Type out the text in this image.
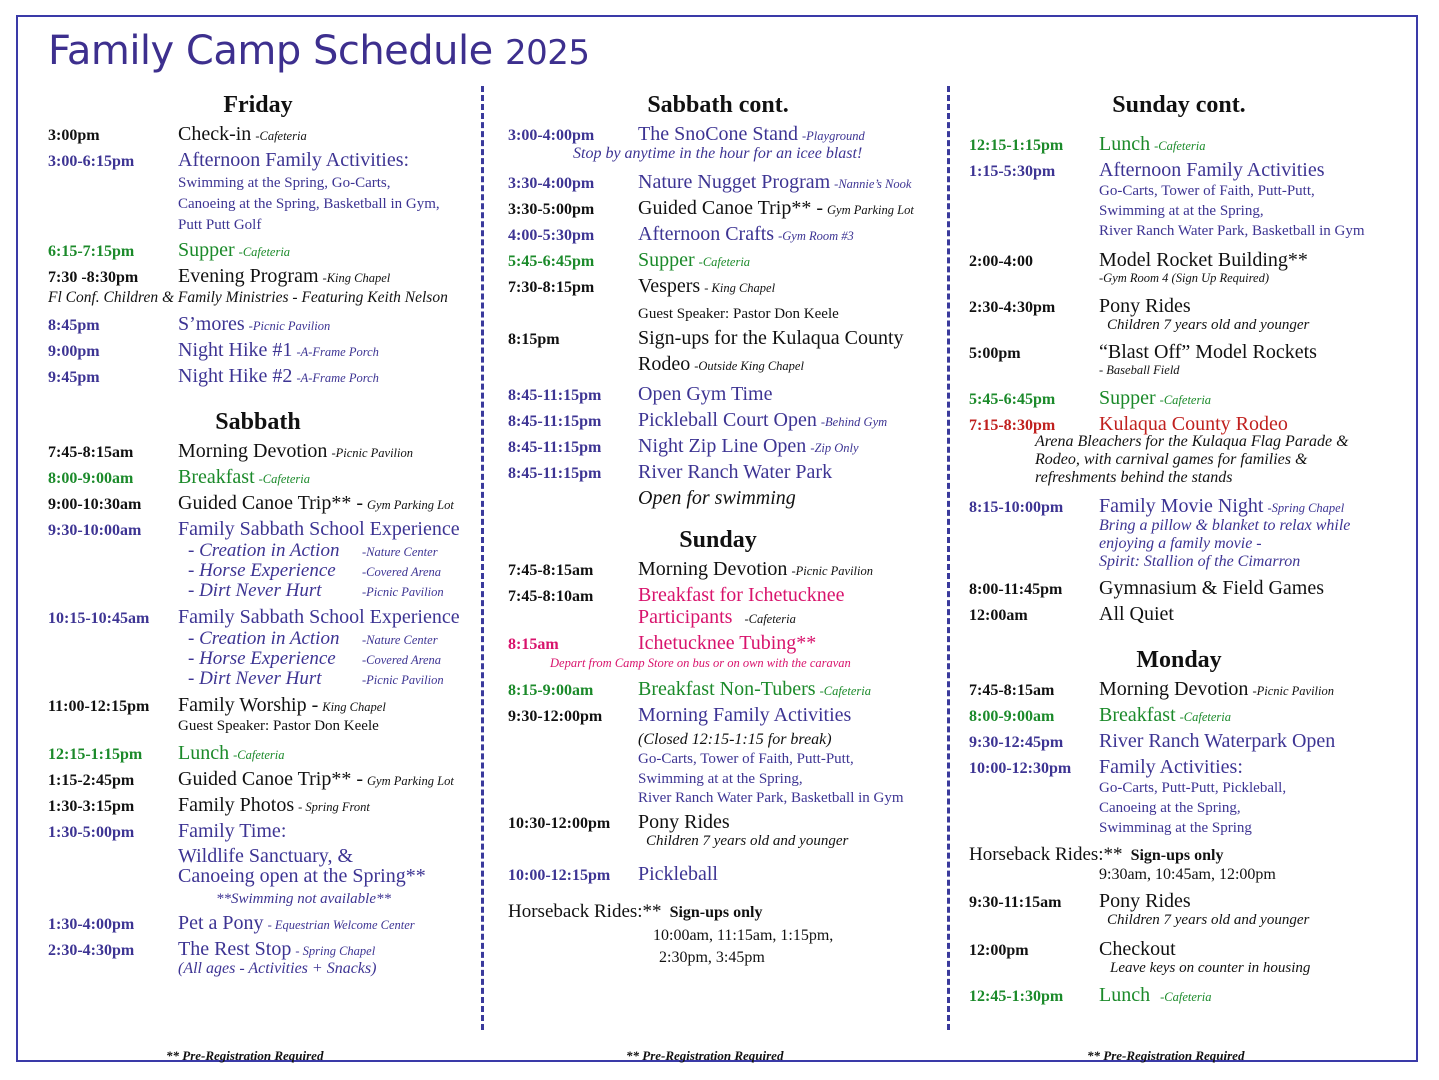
Family Camp Schedule 2025
Friday
3:00pm	Check-in -Cafeteria
3:00-6:15pm	Afternoon Family Activities:
Swimming at the Spring, Go-Carts,
Canoeing at the Spring, Basketball in Gym,
Putt Putt Golf
6:15-7:15pm	Supper -Cafeteria
7:30 -8:30pm	Evening Program -King Chapel
Fl Conf. Children & Family Ministries - Featuring Keith Nelson
8:45pm	S’mores -Picnic Pavilion
9:00pm	Night Hike #1 -A-Frame Porch
9:45pm	Night Hike #2 -A-Frame Porch
Sabbath
7:45-8:15am	Morning Devotion -Picnic Pavilion
8:00-9:00am	Breakfast -Cafeteria
9:00-10:30am	Guided Canoe Trip** - Gym Parking Lot
9:30-10:00am	Family Sabbath School Experience
- Creation in Action -Nature Center
- Horse Experience -Covered Arena
- Dirt Never Hurt	-Picnic Pavilion
10:15-10:45am	Family Sabbath School Experience
- Creation in Action -Nature Center
- Horse Experience -Covered Arena
- Dirt Never Hurt	-Picnic Pavilion
11:00-12:15pm	Family Worship - King Chapel
Guest Speaker: Pastor Don Keele
12:15-1:15pm	Lunch -Cafeteria
1:15-2:45pm	Guided Canoe Trip** - Gym Parking Lot
1:30-3:15pm	Family Photos - Spring Front
1:30-5:00pm	Family Time:
Wildlife Sanctuary, &
Canoeing open at the Spring**
**Swimming not available**
1:30-4:00pm	Pet a Pony - Equestrian Welcome Center
2:30-4:30pm	The Rest Stop - Spring Chapel
(All ages - Activities + Snacks)
Sabbath cont.
3:00-4:00pm	The SnoCone Stand -Playground
Stop by anytime in the hour for an icee blast!
3:30-4:00pm	Nature Nugget Program -Nannie’s Nook
3:30-5:00pm	Guided Canoe Trip** - Gym Parking Lot
4:00-5:30pm	Afternoon Crafts -Gym Room #3
5:45-6:45pm	Supper -Cafeteria
7:30-8:15pm	Vespers - King Chapel
Guest Speaker: Pastor Don Keele
8:15pm	Sign-ups for the Kulaqua County
Rodeo -Outside King Chapel
8:45-11:15pm	Open Gym Time
8:45-11:15pm	Pickleball Court Open -Behind Gym
8:45-11:15pm	Night Zip Line Open -Zip Only
8:45-11:15pm	River Ranch Water Park
Open for swimming
Sunday
7:45-8:15am	Morning Devotion -Picnic Pavilion
7:45-8:10am	Breakfast for Ichetucknee
Participants -Cafeteria
8:15am	Ichetucknee Tubing**
Depart from Camp Store on bus or on own with the caravan
8:15-9:00am	Breakfast Non-Tubers -Cafeteria
9:30-12:00pm	Morning Family Activities
(Closed 12:15-1:15 for break)
Go-Carts, Tower of Faith, Putt-Putt,
Swimming at at the Spring,
River Ranch Water Park, Basketball in Gym
10:30-12:00pm	Pony Rides
Children 7 years old and younger
10:00-12:15pm	Pickleball
Horseback Rides:** Sign-ups only
10:00am, 11:15am, 1:15pm,
2:30pm, 3:45pm
Sunday cont.
12:15-1:15pm	Lunch -Cafeteria
1:15-5:30pm	Afternoon Family Activities
Go-Carts, Tower of Faith, Putt-Putt,
Swimming at at the Spring,
River Ranch Water Park, Basketball in Gym
2:00-4:00	Model Rocket Building**
-Gym Room 4 (Sign Up Required)
2:30-4:30pm	Pony Rides
Children 7 years old and younger
5:00pm	“Blast Off” Model Rockets
- Baseball Field
5:45-6:45pm	Supper -Cafeteria
7:15-8:30pm	Kulaqua County Rodeo
Arena Bleachers for the Kulaqua Flag Parade &
Rodeo, with carnival games for families &
refreshments behind the stands
8:15-10:00pm	Family Movie Night -Spring Chapel
Bring a pillow & blanket to relax while
enjoying a family movie -
Spirit: Stallion of the Cimarron
8:00-11:45pm	Gymnasium & Field Games
12:00am	All Quiet
Monday
7:45-8:15am	Morning Devotion -Picnic Pavilion
8:00-9:00am	Breakfast -Cafeteria
9:30-12:45pm	River Ranch Waterpark Open
10:00-12:30pm	Family Activities:
Go-Carts, Putt-Putt, Pickleball,
Canoeing at the Spring,
Swimminag at the Spring
Horseback Rides:** Sign-ups only
9:30am, 10:45am, 12:00pm
9:30-11:15am	Pony Rides
Children 7 years old and younger
12:00pm	Checkout
Leave keys on counter in housing
12:45-1:30pm	Lunch -Cafeteria
** Pre-Registration Required	** Pre-Registration Required	** Pre-Registration Required
